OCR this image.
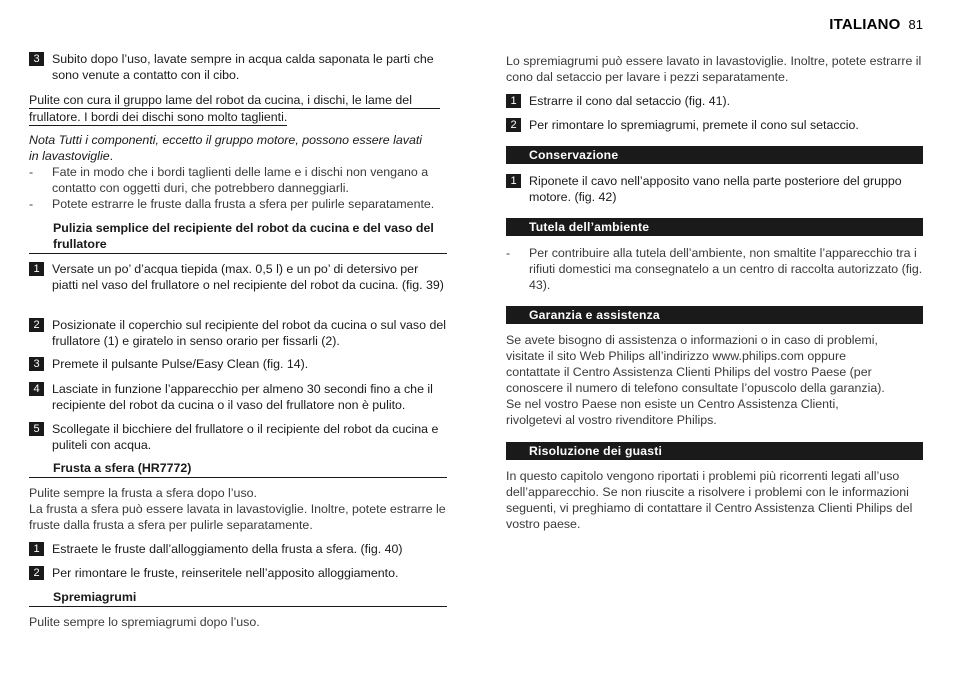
ITALIANO 81
3	Subito dopo l’uso, lavate sempre in acqua calda saponata le parti che sono venute a contatto con il cibo.
Pulite con cura il gruppo lame del robot da cucina, i dischi, le lame del
frullatore. I bordi dei dischi sono molto taglienti.
Nota Tutti i componenti, eccetto il gruppo motore, possono essere lavati
in lavastoviglie.
-	Fate in modo che i bordi taglienti delle lame e i dischi non vengano a contatto con oggetti duri, che potrebbero danneggiarli.
-	Potete estrarre le fruste dalla frusta a sfera per pulirle separatamente.
Pulizia semplice del recipiente del robot da cucina e del vaso del frullatore
1	Versate un po’ d’acqua tiepida (max. 0,5 l) e un po’ di detersivo per piatti nel vaso del frullatore o nel recipiente del robot da cucina. (fig. 39)
2	Posizionate il coperchio sul recipiente del robot da cucina o sul vaso del frullatore (1) e giratelo in senso orario per fissarli (2).
3	Premete il pulsante Pulse/Easy Clean (fig. 14).
4	Lasciate in funzione l’apparecchio per almeno 30 secondi fino a che il recipiente del robot da cucina o il vaso del frullatore non è pulito.
5	Scollegate il bicchiere del frullatore o il recipiente del robot da cucina e puliteli con acqua.
Frusta a sfera (HR7772)
Pulite sempre la frusta a sfera dopo l’uso.
La frusta a sfera può essere lavata in lavastoviglie. Inoltre, potete estrarre le fruste dalla frusta a sfera per pulirle separatamente.
1	Estraete le fruste dall’alloggiamento della frusta a sfera. (fig. 40)
2	Per rimontare le fruste, reinseritele nell’apposito alloggiamento.
Spremiagrumi
Pulite sempre lo spremiagrumi dopo l’uso.
Lo spremiagrumi può essere lavato in lavastoviglie. Inoltre, potete estrarre il cono dal setaccio per lavare i pezzi separatamente.
1	Estrarre il cono dal setaccio (fig. 41).
2	Per rimontare lo spremiagrumi, premete il cono sul setaccio.
Conservazione
1	Riponete il cavo nell’apposito vano nella parte posteriore del gruppo motore. (fig. 42)
Tutela dell’ambiente
-	Per contribuire alla tutela dell’ambiente, non smaltite l’apparecchio tra i rifiuti domestici ma consegnatelo a un centro di raccolta autorizzato (fig. 43).
Garanzia e assistenza
Se avete bisogno di assistenza o informazioni o in caso di problemi, visitate il sito Web Philips all’indirizzo www.philips.com oppure contattate il Centro Assistenza Clienti Philips del vostro Paese (per conoscere il numero di telefono consultate l’opuscolo della garanzia). Se nel vostro Paese non esiste un Centro Assistenza Clienti, rivolgetevi al vostro rivenditore Philips.
Risoluzione dei guasti
In questo capitolo vengono riportati i problemi più ricorrenti legati all’uso dell’apparecchio. Se non riuscite a risolvere i problemi con le informazioni seguenti, vi preghiamo di contattare il Centro Assistenza Clienti Philips del vostro paese.
